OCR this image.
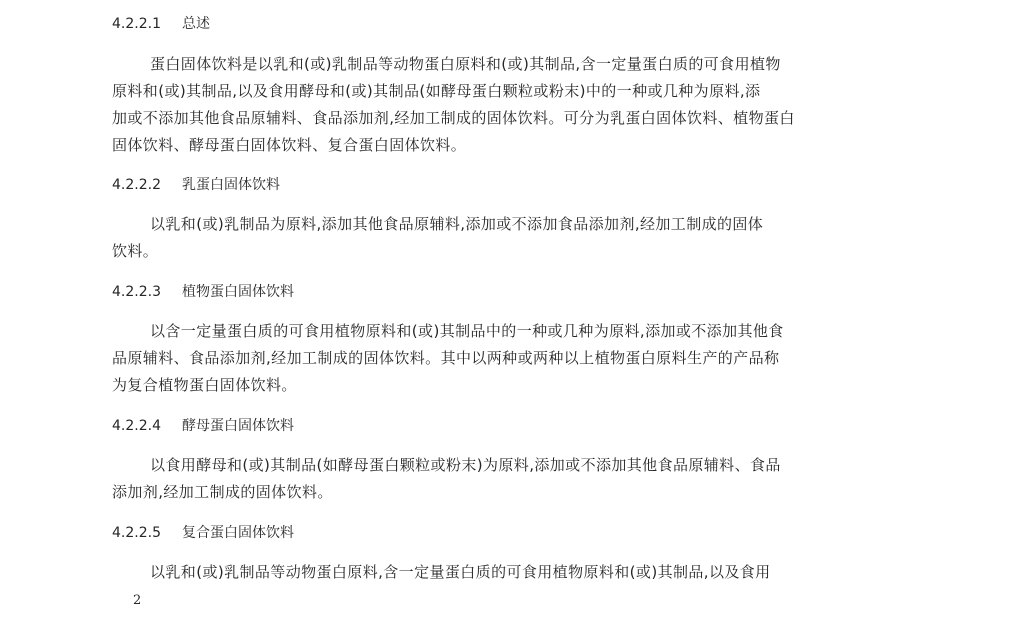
4.2.2.1 总述
蛋白固体饮料是以乳和(或)乳制品等动物蛋白原料和(或)其制品,含一定量蛋白质的可食用植物
原料和(或)其制品,以及食用酵母和(或)其制品(如酵母蛋白颗粒或粉末)中的一种或几种为原料,添
加或不添加其他食品原辅料、食品添加剂,经加工制成的固体饮料。可分为乳蛋白固体饮料、植物蛋白
固体饮料、酵母蛋白固体饮料、复合蛋白固体饮料。
4.2.2.2 乳蛋白固体饮料
以乳和(或)乳制品为原料,添加其他食品原辅料,添加或不添加食品添加剂,经加工制成的固体
饮料。
4.2.2.3 植物蛋白固体饮料
以含一定量蛋白质的可食用植物原料和(或)其制品中的一种或几种为原料,添加或不添加其他食
品原辅料、食品添加剂,经加工制成的固体饮料。其中以两种或两种以上植物蛋白原料生产的产品称
为复合植物蛋白固体饮料。
4.2.2.4 酵母蛋白固体饮料
以食用酵母和(或)其制品(如酵母蛋白颗粒或粉末)为原料,添加或不添加其他食品原辅料、食品
添加剂,经加工制成的固体饮料。
4.2.2.5 复合蛋白固体饮料
以乳和(或)乳制品等动物蛋白原料,含一定量蛋白质的可食用植物原料和(或)其制品,以及食用
2
